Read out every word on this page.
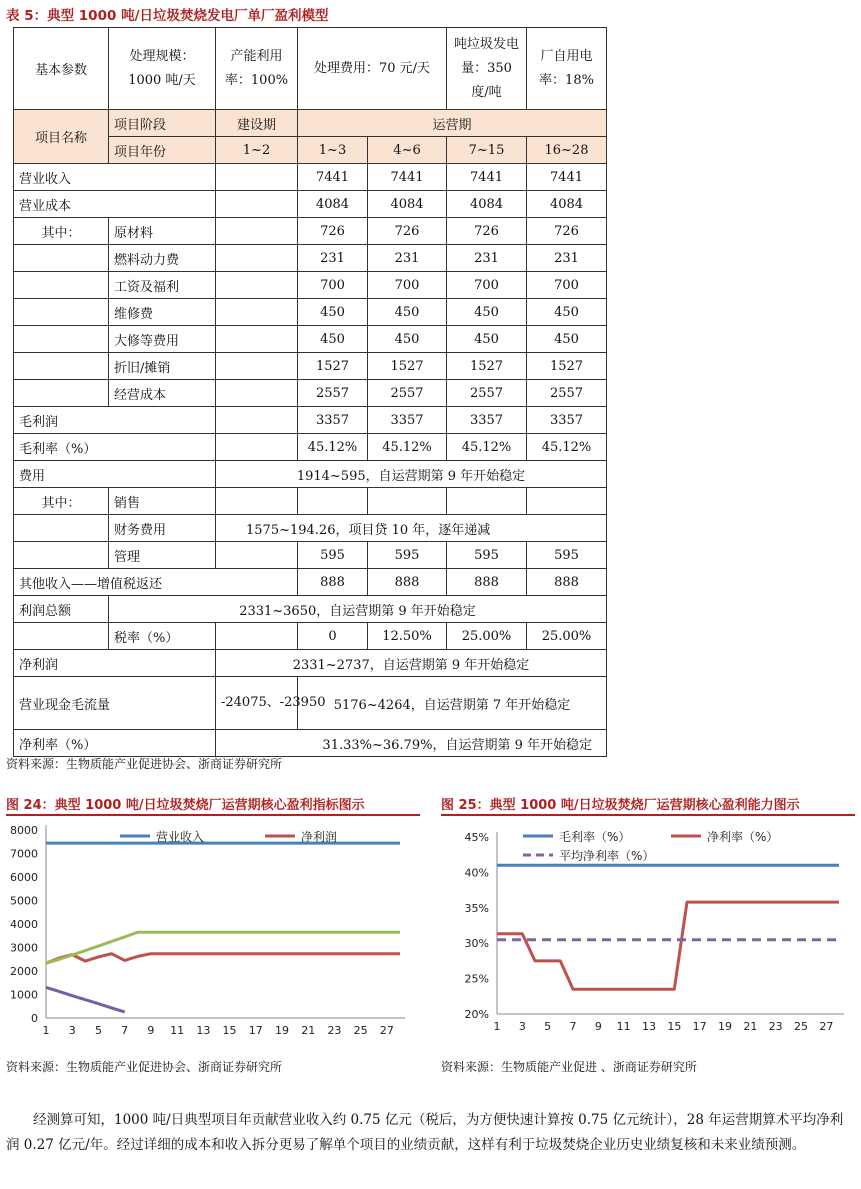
表 5：典型 1000 吨/日垃圾焚烧发电厂单厂盈利模型
基本参数	处理规模：1000 吨/天	产能利用率：100%	处理费用：70 元/天		吨垃圾发电量：350 度/吨	厂自用电率：18%
项目名称	项目阶段	建设期	运营期			
	项目年份	1~2	1~3	4~6	7~15	16~28
营业收入			7441	7441	7441	7441
营业成本			4084	4084	4084	4084
其中：	原材料		726	726	726	726
	燃料动力费		231	231	231	231
	工资及福利		700	700	700	700
	维修费		450	450	450	450
	大修等费用		450	450	450	450
	折旧/摊销		1527	1527	1527	1527
	经营成本		2557	2557	2557	2557
毛利润			3357	3357	3357	3357
毛利率（%）			45.12%	45.12%	45.12%	45.12%
费用		1914~595，自运营期第 9 年开始稳定				
其中：	销售					
	财务费用	1575~194.26，项目贷 10 年，逐年递减				
	管理		595	595	595	595
其他收入——增值税返还			888	888	888	888
利润总额	2331~3650，自运营期第 9 年开始稳定					
	税率（%）		0	12.50%	25.00%	25.00%
净利润		2331~2737，自运营期第 9 年开始稳定				
营业现金毛流量		-24075、-23950	5176~4264，自运营期第 7 年开始稳定			
净利率（%）		31.33%~36.79%，自运营期第 9 年开始稳定				
资料来源：生物质能产业促进协会、浙商证券研究所
图 24：典型 1000 吨/日垃圾焚烧厂运营期核心盈利指标图示
0
1000
2000
3000
4000
5000
6000
7000
8000
1 3 5 7 9 11 13 15 17 19 21 23 25 27
营业收入	净利润
资料来源：生物质能产业促进协会、浙商证券研究所
图 25：典型 1000 吨/日垃圾焚烧厂运营期核心盈利能力图示
20%
25%
30%
35%
40%
45%
1 3 5 7 9 11 13 15 17 19 21 23 25 27
毛利率（%）	净利率（%）
平均净利率（%）
资料来源：生物质能产业促进 、浙商证券研究所
经测算可知，1000 吨/日典型项目年贡献营业收入约 0.75 亿元（税后，为方便快速计算按 0.75 亿元统计），28 年运营期算术平均净利润 0.27 亿元/年。经过详细的成本和收入拆分更易了解单个项目的业绩贡献，这样有利于垃圾焚烧企业历史业绩复核和未来业绩预测。
